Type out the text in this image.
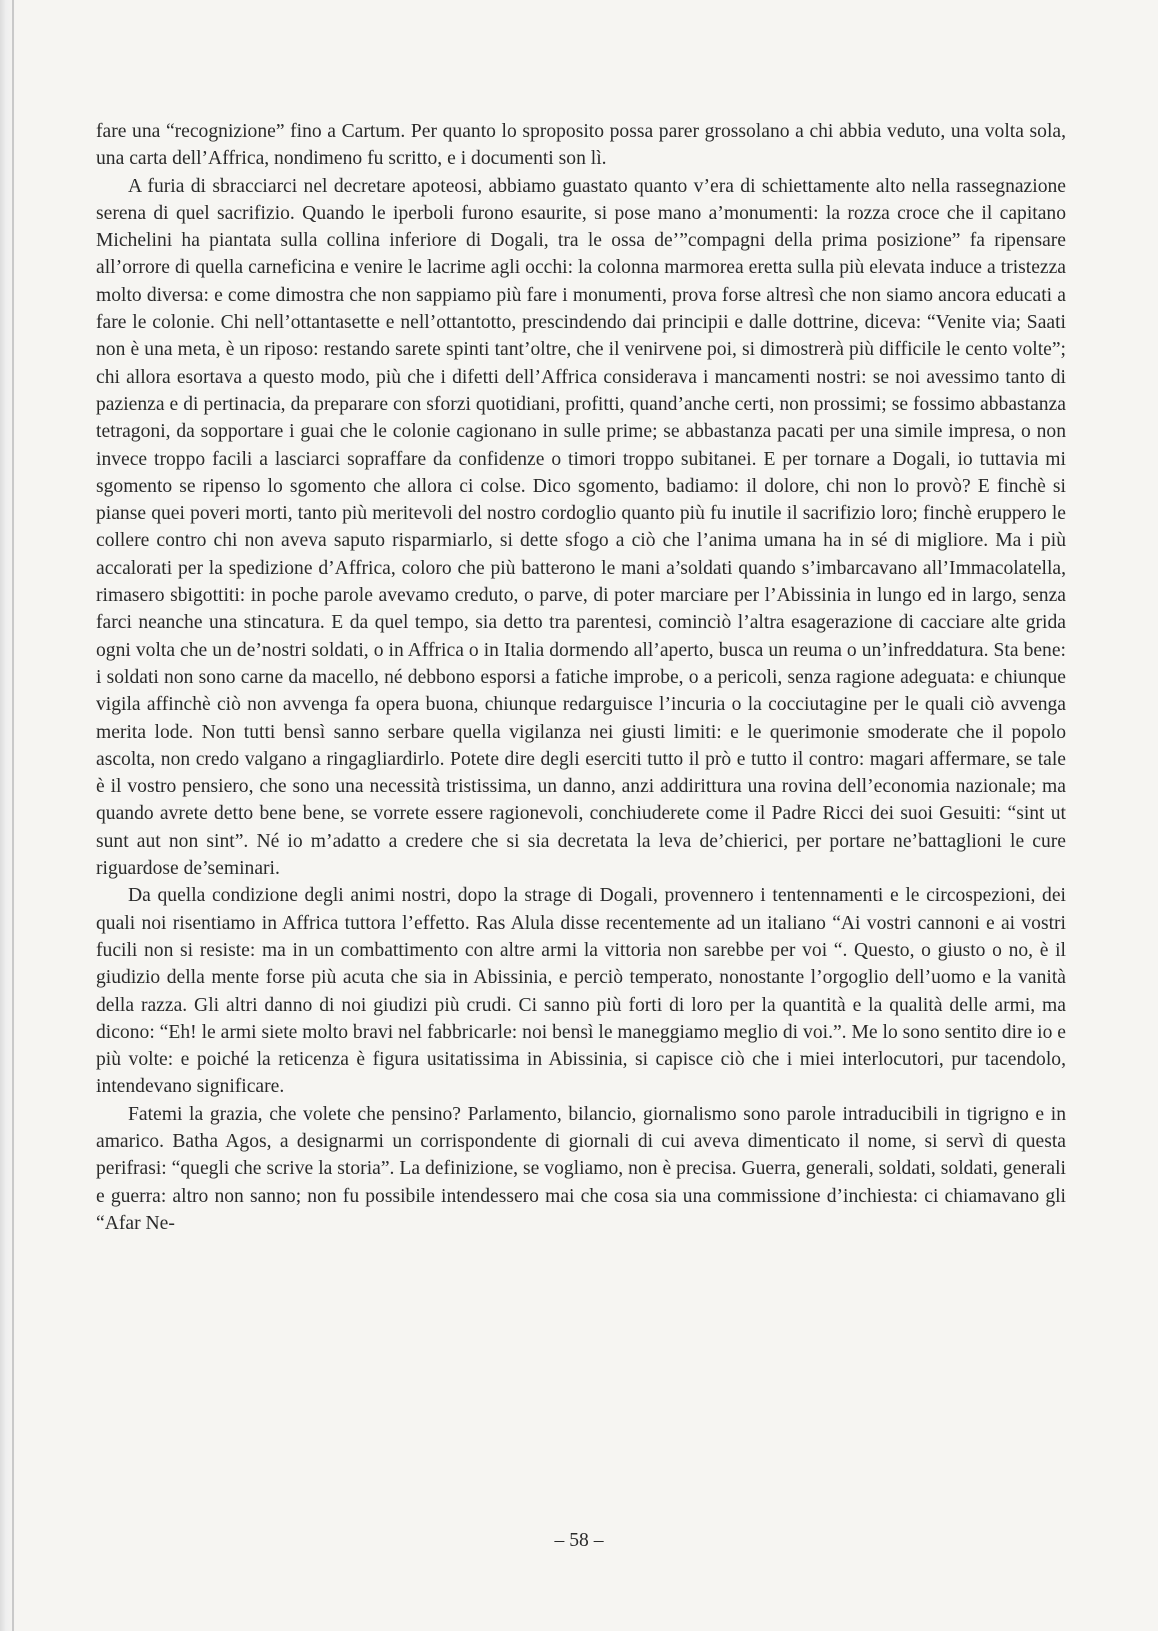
fare una “recognizione” fino a Cartum. Per quanto lo sproposito possa parer grossolano a chi abbia veduto, una volta sola, una carta dell’Affrica, nondimeno fu scritto, e i documenti son lì.

A furia di sbracciarci nel decretare apoteosi, abbiamo guastato quanto v’era di schiettamente alto nella rassegnazione serena di quel sacrifizio. Quando le iperboli furono esaurite, si pose mano a’monumenti: la rozza croce che il capitano Michelini ha piantata sulla collina inferiore di Dogali, tra le ossa de’”compagni della prima posizione” fa ripensare all’orrore di quella carneficina e venire le lacrime agli occhi: la colonna marmorea eretta sulla più elevata induce a tristezza molto diversa: e come dimostra che non sappiamo più fare i monumenti, prova forse altresì che non siamo ancora educati a fare le colonie. Chi nell’ottantasette e nell’ottantotto, prescindendo dai principii e dalle dottrine, diceva: “Venite via; Saati non è una meta, è un riposo: restando sarete spinti tant’oltre, che il venirvene poi, si dimostrerà più difficile le cento volte”; chi allora esortava a questo modo, più che i difetti dell’Affrica considerava i mancamenti nostri: se noi avessimo tanto di pazienza e di pertinacia, da preparare con sforzi quotidiani, profitti, quand’anche certi, non prossimi; se fossimo abbastanza tetragoni, da sopportare i guai che le colonie cagionano in sulle prime; se abbastanza pacati per una simile impresa, o non invece troppo facili a lasciarci sopraffare da confidenze o timori troppo subitanei. E per tornare a Dogali, io tuttavia mi sgomento se ripenso lo sgomento che allora ci colse. Dico sgomento, badiamo: il dolore, chi non lo provò? E finchè si pianse quei poveri morti, tanto più meritevoli del nostro cordoglio quanto più fu inutile il sacrifizio loro; finchè eruppero le collere contro chi non aveva saputo risparmiarlo, si dette sfogo a ciò che l’anima umana ha in sé di migliore. Ma i più accalorati per la spedizione d’Affrica, coloro che più batterono le mani a’soldati quando s’imbarcavano all’Immacolatella, rimasero sbigottiti: in poche parole avevamo creduto, o parve, di poter marciare per l’Abissinia in lungo ed in largo, senza farci neanche una stincatura. E da quel tempo, sia detto tra parentesi, cominciò l’altra esagerazione di cacciare alte grida ogni volta che un de’nostri soldati, o in Affrica o in Italia dormendo all’aperto, busca un reuma o un’infreddatura. Sta bene: i soldati non sono carne da macello, né debbono esporsi a fatiche improbe, o a pericoli, senza ragione adeguata: e chiunque vigila affinchè ciò non avvenga fa opera buona, chiunque redarguisce l’incuria o la cocciutagine per le quali ciò avvenga merita lode. Non tutti bensì sanno serbare quella vigilanza nei giusti limiti: e le querimonie smoderate che il popolo ascolta, non credo valgano a ringagliardirlo. Potete dire degli eserciti tutto il prò e tutto il contro: magari affermare, se tale è il vostro pensiero, che sono una necessità tristissima, un danno, anzi addirittura una rovina dell’economia nazionale; ma quando avrete detto bene bene, se vorrete essere ragionevoli, conchiuderete come il Padre Ricci dei suoi Gesuiti: “sint ut sunt aut non sint”. Né io m’adatto a credere che si sia decretata la leva de’chierici, per portare ne’battaglioni le cure riguardose de’seminari.

Da quella condizione degli animi nostri, dopo la strage di Dogali, provennero i tentennamenti e le circospezioni, dei quali noi risentiamo in Affrica tuttora l’effetto. Ras Alula disse recentemente ad un italiano “Ai vostri cannoni e ai vostri fucili non si resiste: ma in un combattimento con altre armi la vittoria non sarebbe per voi “. Questo, o giusto o no, è il giudizio della mente forse più acuta che sia in Abissinia, e perciò temperato, nonostante l’orgoglio dell’uomo e la vanità della razza. Gli altri danno di noi giudizi più crudi. Ci sanno più forti di loro per la quantità e la qualità delle armi, ma dicono: “Eh! le armi siete molto bravi nel fabbricarle: noi bensì le maneggiamo meglio di voi.”. Me lo sono sentito dire io e più volte: e poiché la reticenza è figura usitatissima in Abissinia, si capisce ciò che i miei interlocutori, pur tacendolo, intendevano significare.

Fatemi la grazia, che volete che pensino? Parlamento, bilancio, giornalismo sono parole intraducibili in tigrigno e in amarico. Batha Agos, a designarmi un corrispondente di giornali di cui aveva dimenticato il nome, si servì di questa perifrasi: “quegli che scrive la storia”. La definizione, se vogliamo, non è precisa. Guerra, generali, soldati, soldati, generali e guerra: altro non sanno; non fu possibile intendessero mai che cosa sia una commissione d’inchiesta: ci chiamavano gli “Afar Ne-

– 58 –
